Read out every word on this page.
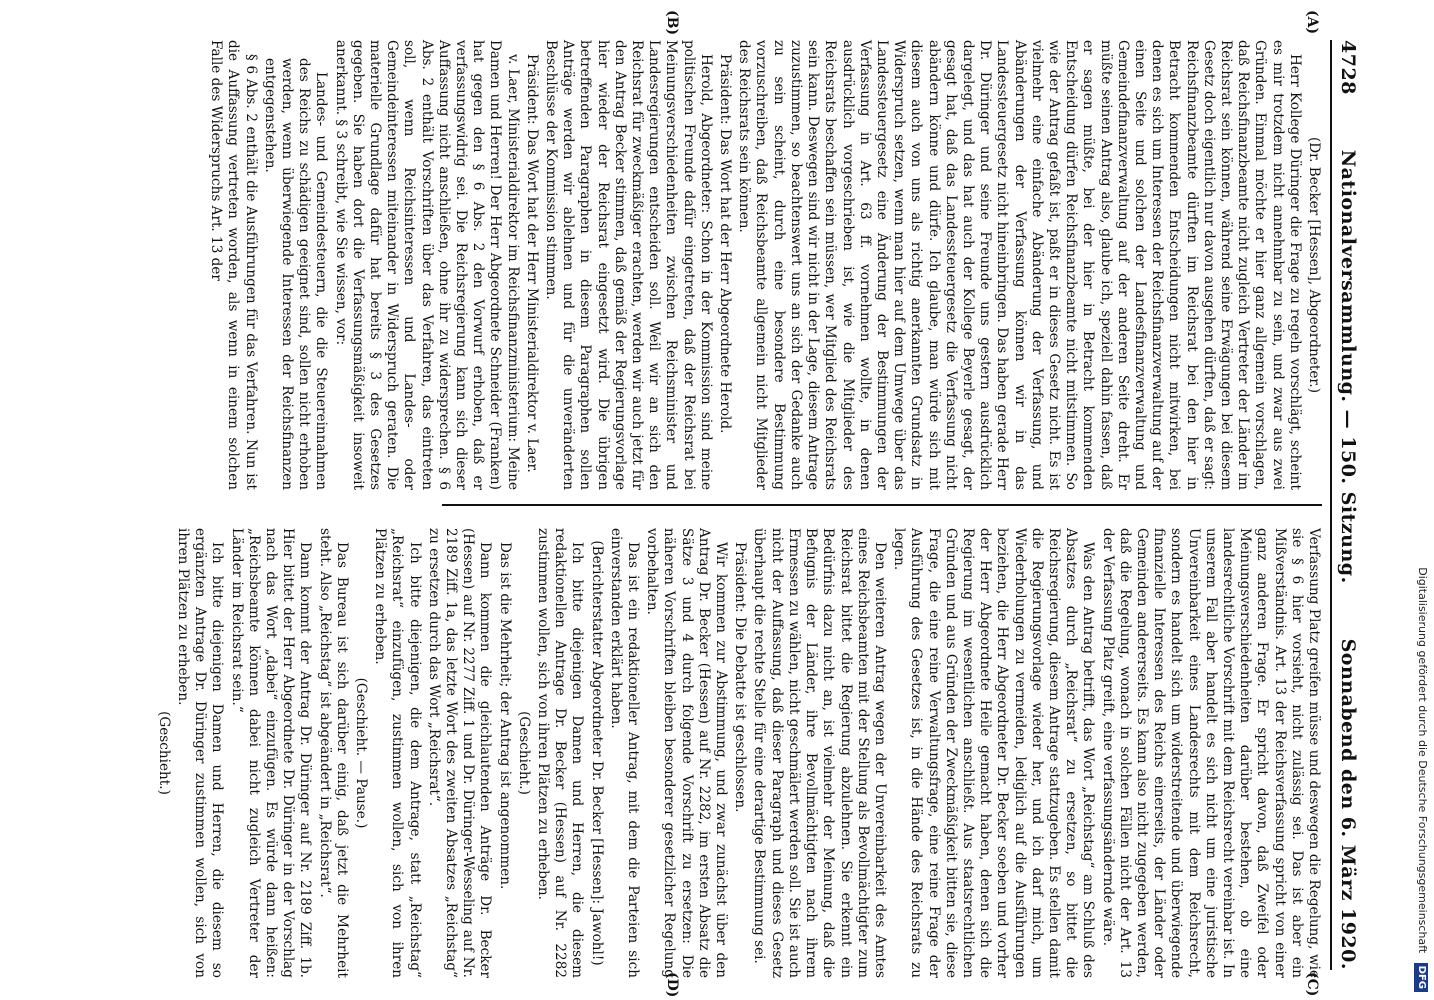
4728
Nationalversammlung. — 150. Sitzung.
Sonnabend den 6. März 1920.
(A)
(B)
(C)
(D)

(Dr. Becker [Hessen], Abgeordneter.)

Herr Kollege Düringer die Frage zu regeln vorschlägt, scheint es mir trotzdem nicht annehmbar zu sein, und zwar aus zwei Gründen. Einmal möchte er hier ganz allgemein vorschlagen, daß Reichsfinanzbeamte nicht zugleich Vertreter der Länder im Reichsrat sein können, während seine Erwägungen bei diesem Gesetz doch eigentlich nur davon ausgehen dürften, daß er sagt: Reichsfinanzbeamte dürften im Reichsrat bei den hier in Betracht kommenden Entscheidungen nicht mitwirken, bei denen es sich um Interessen der Reichsfinanzverwaltung auf der einen Seite und solchen der Landesfinanzverwaltung und Gemeindefinanzverwaltung auf der anderen Seite dreht. Er müßte seinen Antrag also, glaube ich, speziell dahin fassen, daß er sagen müßte, bei der hier in Betracht kommenden Entscheidung dürfen Reichsfinanzbeamte nicht mitstimmen. So wie der Antrag gefaßt ist, paßt er in dieses Gesetz nicht. Es ist vielmehr eine einfache Abänderung der Verfassung, und Abänderungen der Verfassung können wir in das Landessteuergesetz nicht hineinbringen. Das haben gerade Herr Dr. Düringer und seine Freunde uns gestern ausdrücklich dargelegt, und das hat auch der Kollege Beyerle gesagt, der gesagt hat, daß das Landessteuergesetz die Verfassung nicht abändern könne und dürfe. Ich glaube, man würde sich mit diesem auch von uns als richtig anerkannten Grundsatz in Widerspruch setzen, wenn man hier auf dem Umwege über das Landessteuergesetz eine Änderung der Bestimmungen der Verfassung in Art. 63 ff. vornehmen wollte, in denen ausdrücklich vorgeschrieben ist, wie die Mitglieder des Reichsrats beschaffen sein müssen, wer Mitglied des Reichsrats sein kann. Deswegen sind wir nicht in der Lage, diesem Antrage zuzustimmen, so beachtenswert uns an sich der Gedanke auch zu sein scheint, durch eine besondere Bestimmung vorzuschreiben, daß Reichsbeamte allgemein nicht Mitglieder des Reichsrats sein können.

Präsident: Das Wort hat der Herr Abgeordnete Herold.

Herold, Abgeordneter: Schon in der Kommission sind meine politischen Freunde dafür eingetreten, daß der Reichsrat bei Meinungsverschiedenheiten zwischen Reichsminister und Landesregierungen entscheiden soll. Weil wir an sich den Reichsrat für zweckmäßiger erachten, werden wir auch jetzt für den Antrag Becker stimmen, daß gemäß der Regierungsvorlage hier wieder der Reichsrat eingesetzt wird. Die übrigen betreffenden Paragraphen in diesem Paragraphen sollen Anträge werden wir ablehnen und für die unveränderten Beschlüsse der Kommission stimmen.

Präsident: Das Wort hat der Herr Ministerialdirektor v. Laer.

v. Laer, Ministerialdirektor im Reichsfinanzministerium: Meine Damen und Herren! Der Herr Abgeordnete Schneider (Franken) hat gegen den § 6 Abs. 2 den Vorwurf erhoben, daß er verfassungswidrig sei. Die Reichsregierung kann sich dieser Auffassung nicht anschließen, ohne ihr zu widersprechen. § 6 Abs. 2 enthält Vorschriften über das Verfahren, das eintreten soll, wenn Reichsinteressen und Landes- oder Gemeindeinteressen miteinander in Widerspruch geraten. Die materielle Grundlage dafür hat bereits § 3 des Gesetzes gegeben. Sie haben dort die Verfassungsmäßigkeit insoweit anerkannt. § 3 schreibt, wie Sie wissen, vor:

Landes- und Gemeindesteuern, die die Steuereinnahmen des Reichs zu schädigen geeignet sind, sollen nicht erhoben werden, wenn überwiegende Interessen der Reichsfinanzen entgegenstehen.

§ 6 Abs. 2 enthält die Ausführungen für das Verfahren. Nun ist die Auffassung vertreten worden, als wenn in einem solchen Falle des Widerspruchs Art. 13 der

Verfassung Platz greifen müsse und deswegen die Regelung, wie sie § 6 hier vorsieht, nicht zulässig sei. Das ist aber ein Mißverständnis. Art. 13 der Reichsverfassung spricht von einer ganz anderen Frage. Er spricht davon, daß Zweifel oder Meinungsverschiedenheiten darüber bestehen, ob eine landesrechtliche Vorschrift mit dem Reichsrecht vereinbar ist. In unserem Fall aber handelt es sich nicht um eine juristische Unvereinbarkeit eines Landesrechts mit dem Reichsrecht, sondern es handelt sich um widerstreitende und überwiegende finanzielle Interessen des Reichs einerseits, der Länder oder Gemeinden andererseits. Es kann also nicht zugegeben werden, daß die Regelung, wonach in solchen Fällen nicht der Art. 13 der Verfassung Platz greift, eine verfassungsändernde wäre.

Was den Antrag betrifft, das Wort „Reichstag“ am Schluß des Absatzes durch „Reichsrat“ zu ersetzen, so bittet die Reichsregierung, diesem Antrage stattzugeben. Es stellen damit die Regierungsvorlage wieder her, und ich darf mich, um Wiederholungen zu vermeiden, lediglich auf die Ausführungen beziehen, die Herr Abgeordneter Dr. Becker soeben und vorher der Herr Abgeordnete Heile gemacht haben, denen sich die Regierung im wesentlichen anschließt. Aus staatsrechtlichen Gründen und aus Gründen der Zweckmäßigkeit bitten sie, diese Frage, die eine reine Verwaltungsfrage, eine reine Frage der Ausführung des Gesetzes ist, in die Hände des Reichsrats zu legen.

Den weiteren Antrag wegen der Unvereinbarkeit des Amtes eines Reichsbeamten mit der Stellung als Bevollmächtigter zum Reichsrat bittet die Regierung abzulehnen. Sie erkennt ein Bedürfnis dazu nicht an, ist vielmehr der Meinung, daß die Befugnis der Länder, ihre Bevollmächtigten nach ihrem Ermessen zu wählen, nicht geschmälert werden soll. Sie ist auch nicht der Auffassung, daß dieser Paragraph und dieses Gesetz überhaupt die rechte Stelle für eine derartige Bestimmung sei.

Präsident: Die Debatte ist geschlossen.

Wir kommen zur Abstimmung, und zwar zunächst über den Antrag Dr. Becker (Hessen) auf Nr. 2282, im ersten Absatz die Sätze 3 und 4 durch folgende Vorschrift zu ersetzen: Die näheren Vorschriften bleiben besonderer gesetzlicher Regelung vorbehalten.

Das ist ein redaktioneller Antrag, mit dem die Parteien sich einverstanden erklärt haben.

(Berichterstatter Abgeordneter Dr. Becker [Hessen]: Jawohl!)

Ich bitte diejenigen Damen und Herren, die diesem redaktionellen Antrage Dr. Becker (Hessen) auf Nr. 2282 zustimmen wollen, sich von ihren Plätzen zu erheben.

(Geschieht.)

Das ist die Mehrheit; der Antrag ist angenommen.

Dann kommen die gleichlautenden Anträge Dr. Becker (Hessen) auf Nr. 2277 Ziff. 1 und Dr. Düringer-Wesseling auf Nr. 2189 Ziff. 1a, das letzte Wort des zweiten Absatzes „Reichstag“ zu ersetzen durch das Wort „Reichsrat“.

Ich bitte diejenigen, die dem Antrage, statt „Reichstag“ „Reichsrat“ einzufügen, zustimmen wollen, sich von ihren Plätzen zu erheben.

(Geschieht. — Pause.)

Das Bureau ist sich darüber einig, daß jetzt die Mehrheit steht. Also „Reichstag“ ist abgeändert in „Reichsrat“.

Dann kommt der Antrag Dr. Düringer auf Nr. 2189 Ziff. 1b. Hier bittet der Herr Abgeordnete Dr. Düringer in der Vorschlag nach das Wort „dabei“ einzufügen. Es würde dann heißen: „Reichsbeamte können dabei nicht zugleich Vertreter der Länder im Reichsrat sein.“

Ich bitte diejenigen Damen und Herren, die diesem so ergänzten Antrage Dr. Düringer zustimmen wollen, sich von ihren Plätzen zu erheben.

(Geschieht.)	Digitalisierung gefördert durch die Deutsche Forschungsgemeinschaft DFG
